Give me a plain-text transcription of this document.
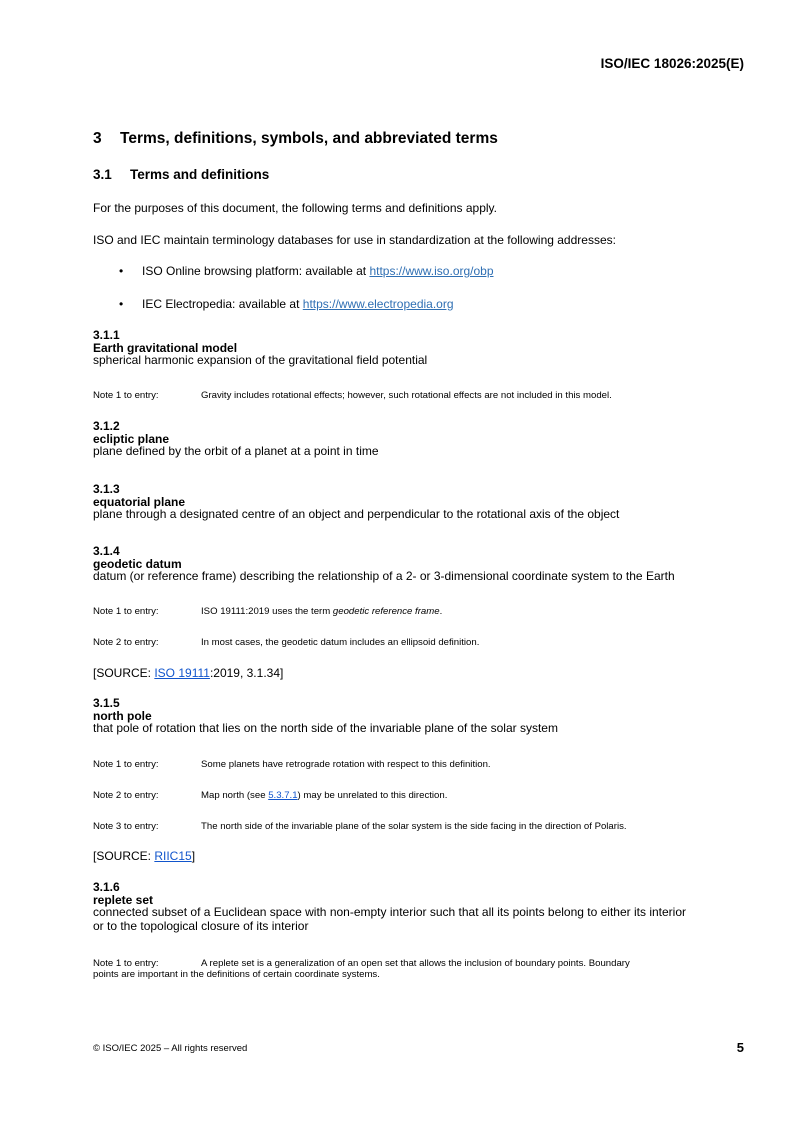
ISO/IEC 18026:2025(E)
3 Terms, definitions, symbols, and abbreviated terms
3.1 Terms and definitions
For the purposes of this document, the following terms and definitions apply.
ISO and IEC maintain terminology databases for use in standardization at the following addresses:
• ISO Online browsing platform: available at https://www.iso.org/obp
• IEC Electropedia: available at https://www.electropedia.org
3.1.1
Earth gravitational model
spherical harmonic expansion of the gravitational field potential
Note 1 to entry:	Gravity includes rotational effects; however, such rotational effects are not included in this model.
3.1.2
ecliptic plane
plane defined by the orbit of a planet at a point in time
3.1.3
equatorial plane
plane through a designated centre of an object and perpendicular to the rotational axis of the object
3.1.4
geodetic datum
datum (or reference frame) describing the relationship of a 2- or 3-dimensional coordinate system to the Earth
Note 1 to entry:	ISO 19111:2019 uses the term geodetic reference frame.
Note 2 to entry:	In most cases, the geodetic datum includes an ellipsoid definition.
[SOURCE: ISO 19111:2019, 3.1.34]
3.1.5
north pole
that pole of rotation that lies on the north side of the invariable plane of the solar system
Note 1 to entry:	Some planets have retrograde rotation with respect to this definition.
Note 2 to entry:	Map north (see 5.3.7.1) may be unrelated to this direction.
Note 3 to entry:	The north side of the invariable plane of the solar system is the side facing in the direction of Polaris.
[SOURCE: RIIC15]
3.1.6
replete set
connected subset of a Euclidean space with non-empty interior such that all its points belong to either its interior
or to the topological closure of its interior
Note 1 to entry:	A replete set is a generalization of an open set that allows the inclusion of boundary points. Boundary
points are important in the definitions of certain coordinate systems.
© ISO/IEC 2025 – All rights reserved	5
